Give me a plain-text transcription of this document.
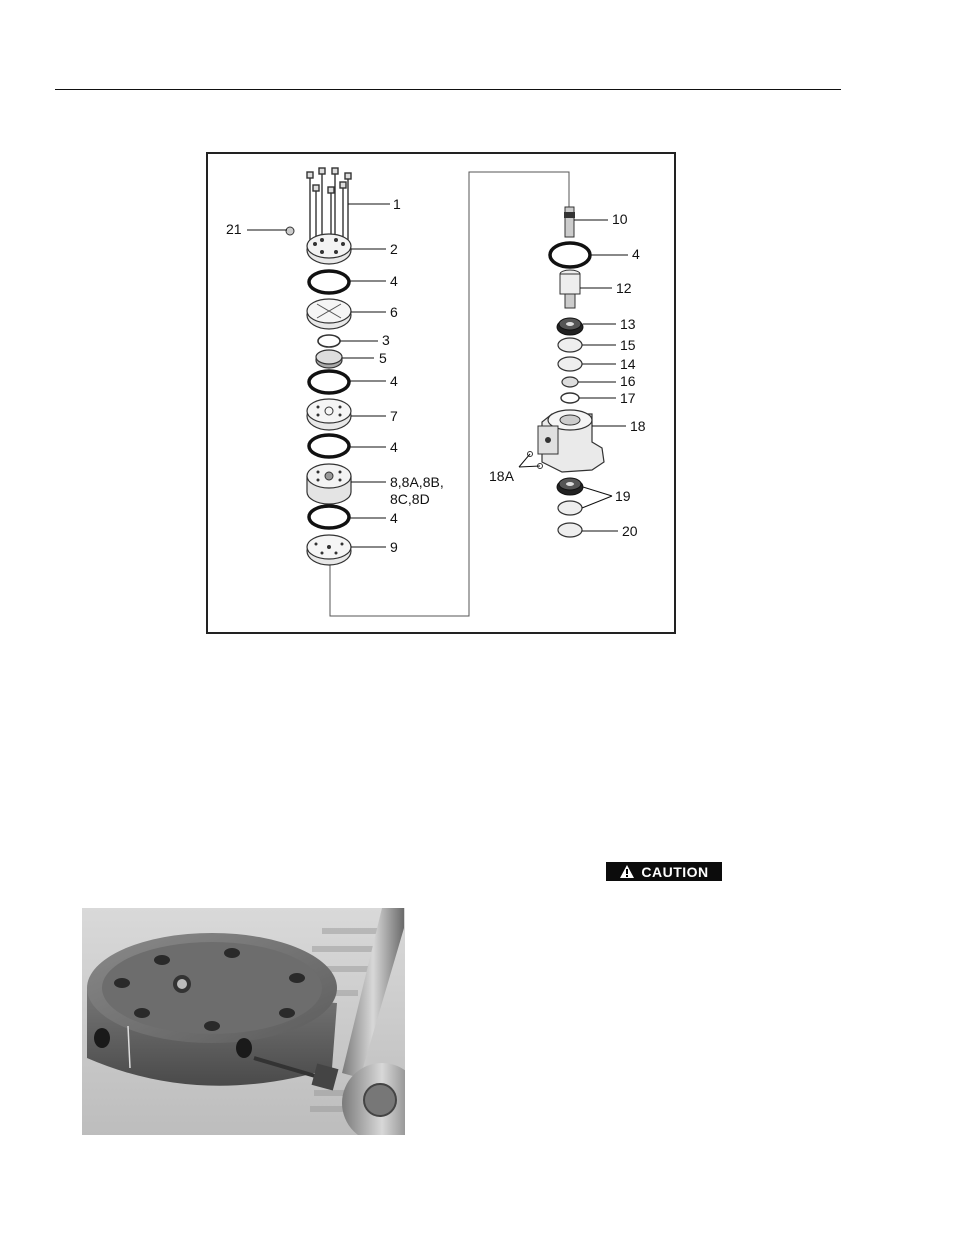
1
21
2
4
6
3
5
4
7
4
8,8A,8B,
8C,8D
4
9
10
4
12
13
15
14
16
17
18
18A
19
20
CAUTION
